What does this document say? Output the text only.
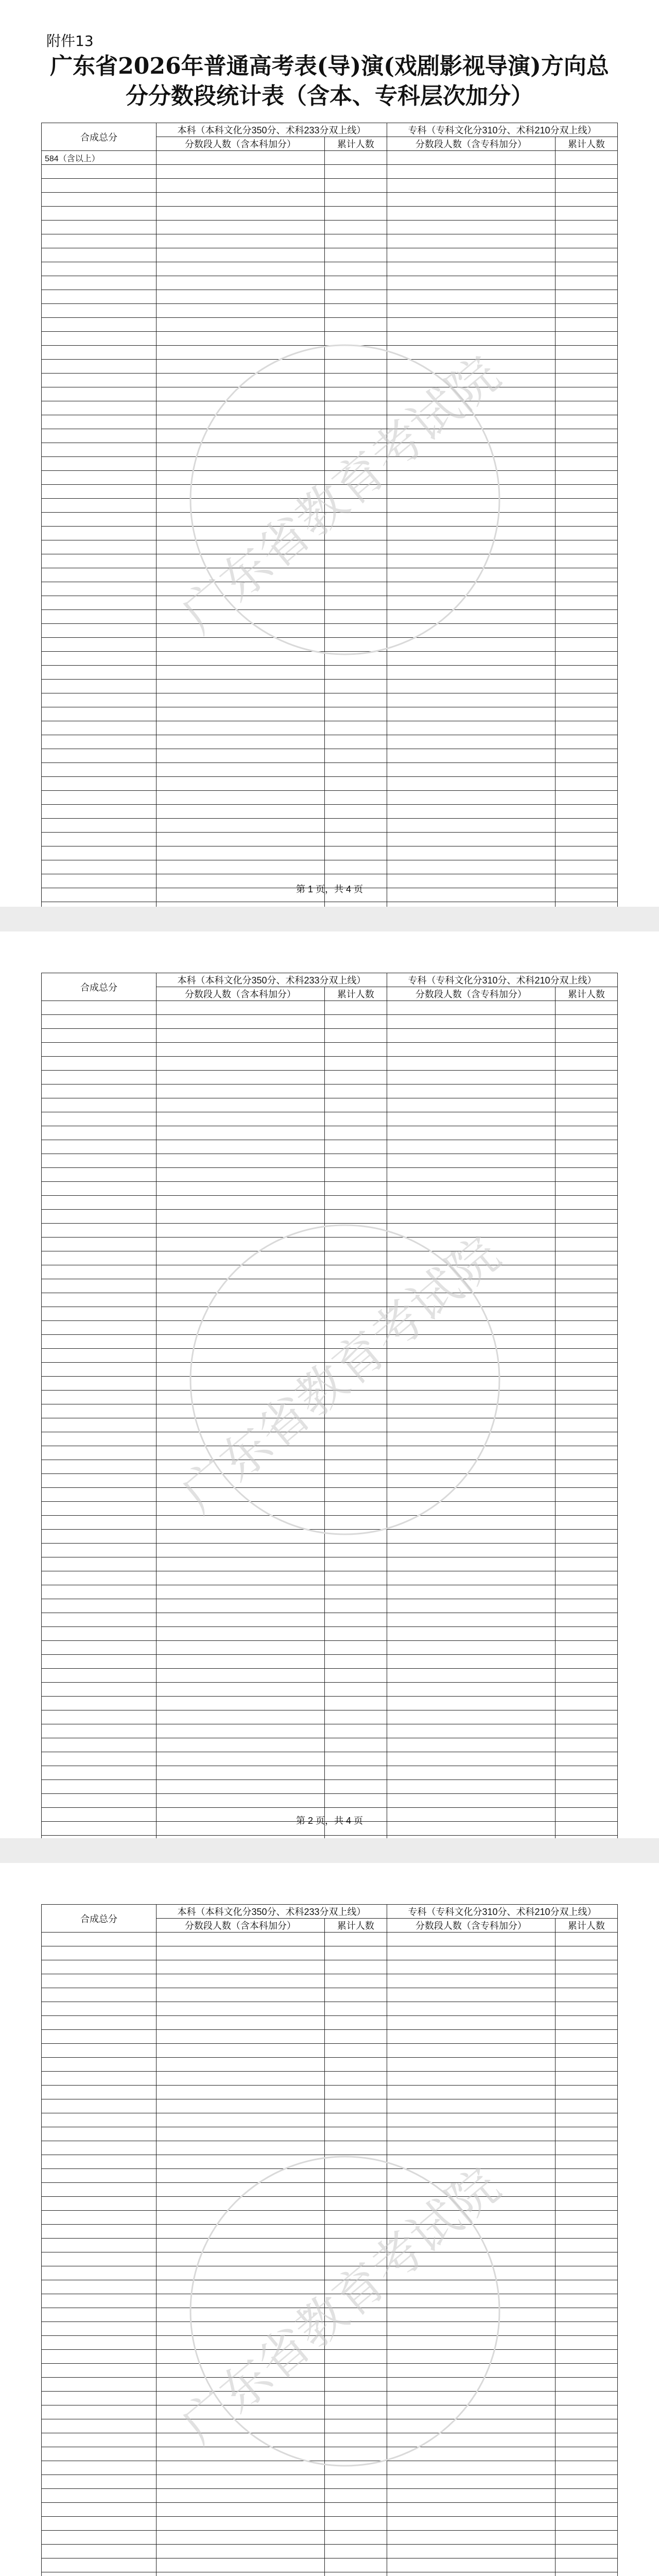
附件13
广东省2026年普通高考表(导)演(戏剧影视导演)方向总
分分数段统计表（含本、专科层次加分）
合成总分	本科（本科文化分350分、术科233分双上线）		专科（专科文化分310分、术科210分双上线）	
	分数段人数（含本科加分）	累计人数	分数段人数（含专科加分）	累计人数
584（含以上）				

广东省教育考试院
第 1 页，共 4 页
合成总分	本科（本科文化分350分、术科233分双上线）		专科（专科文化分310分、术科210分双上线）	
	分数段人数（含本科加分）	累计人数	分数段人数（含专科加分）	累计人数

广东省教育考试院
第 2 页，共 4 页
合成总分	本科（本科文化分350分、术科233分双上线）		专科（专科文化分310分、术科210分双上线）	
	分数段人数（含本科加分）	累计人数	分数段人数（含专科加分）	累计人数

广东省教育考试院
